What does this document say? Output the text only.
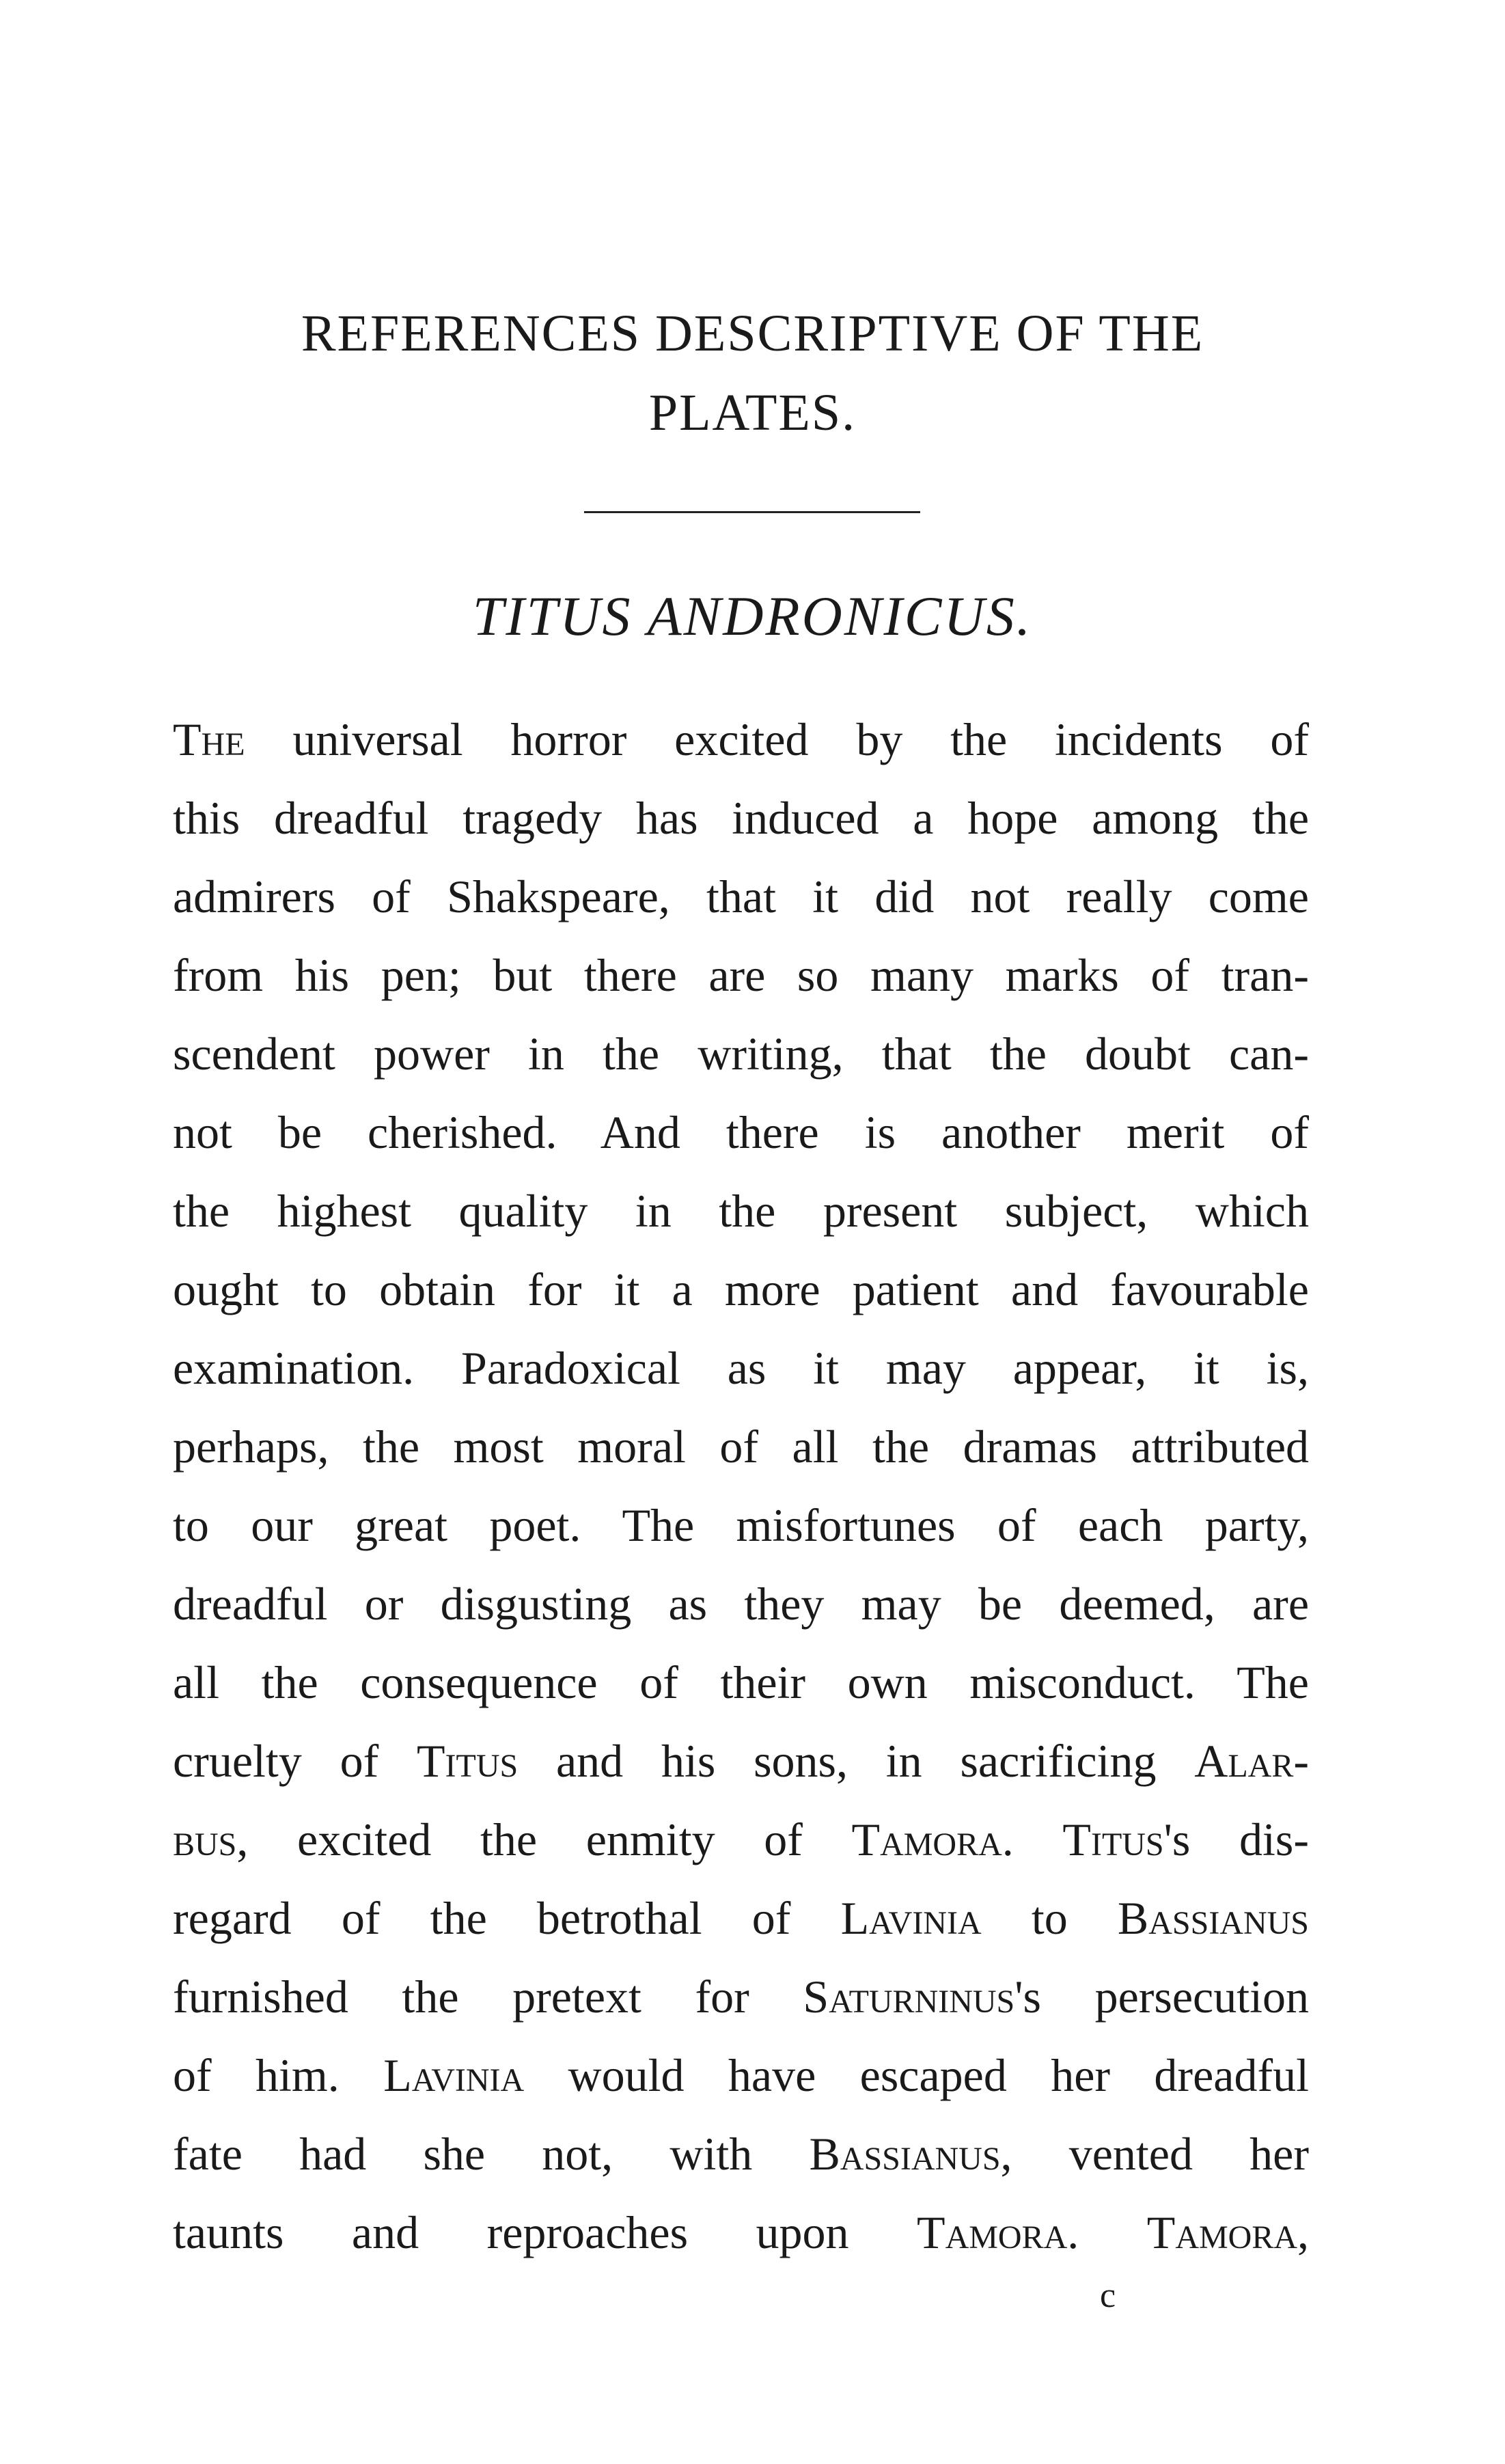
REFERENCES DESCRIPTIVE OF THE
PLATES.
TITUS ANDRONICUS.
The universal horror excited by the incidents of
this dreadful tragedy has induced a hope among the
admirers of Shakspeare, that it did not really come
from his pen; but there are so many marks of tran-
scendent power in the writing, that the doubt can-
not be cherished. And there is another merit of
the highest quality in the present subject, which
ought to obtain for it a more patient and favourable
examination. Paradoxical as it may appear, it is,
perhaps, the most moral of all the dramas attributed
to our great poet. The misfortunes of each party,
dreadful or disgusting as they may be deemed, are
all the consequence of their own misconduct. The
cruelty of Titus and his sons, in sacrificing Alar-
bus, excited the enmity of Tamora. Titus's dis-
regard of the betrothal of Lavinia to Bassianus
furnished the pretext for Saturninus's persecution
of him. Lavinia would have escaped her dreadful
fate had she not, with Bassianus, vented her
taunts and reproaches upon Tamora. Tamora,
c
